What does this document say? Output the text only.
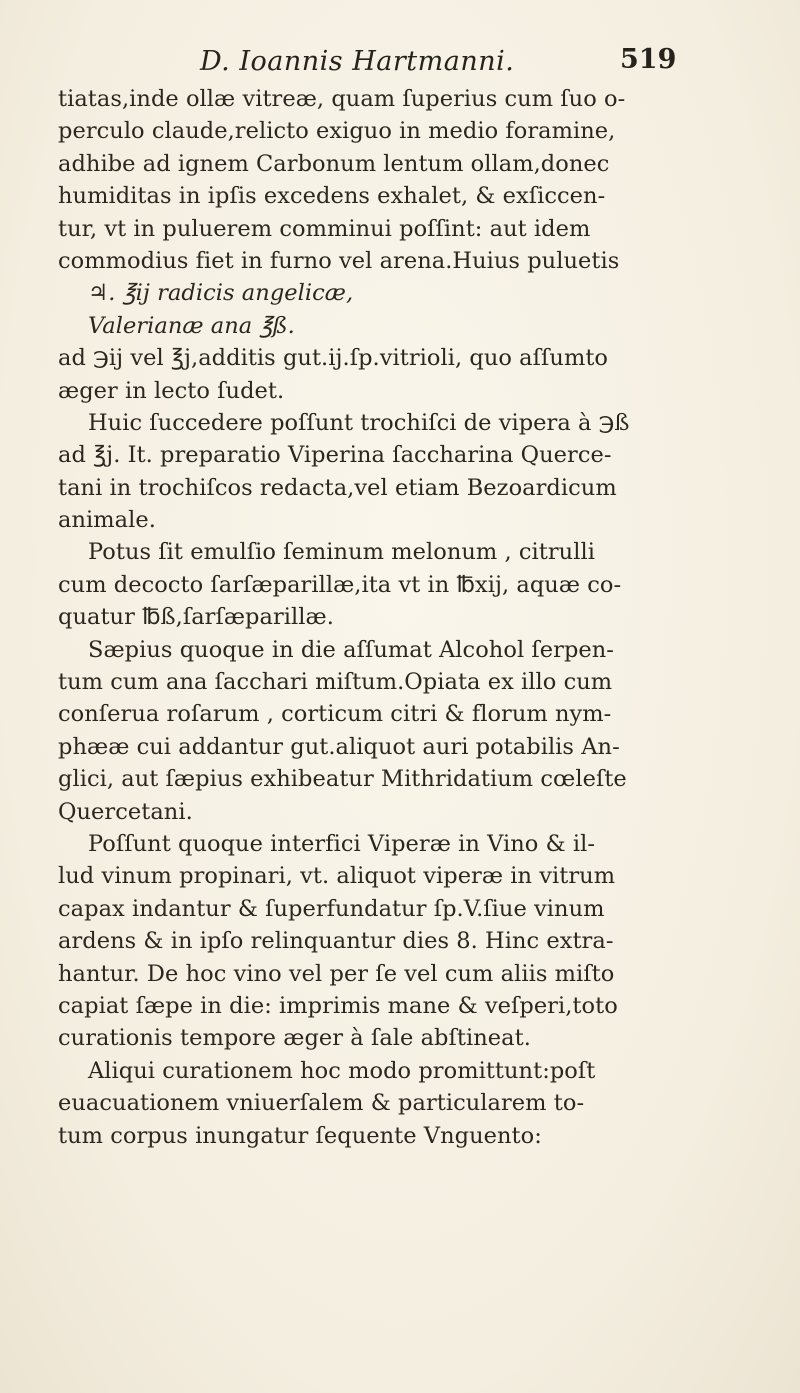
D. Ioannis Hartmanni.	519
tiatas,inde ollæ vitreæ, quam ſuperius cum ſuo o-
perculo claude,relicto exiguo in medio foramine,
adhibe ad ignem Carbonum lentum ollam,donec
humiditas in ipſis excedens exhalet, & exſiccen-
tur, vt in puluerem comminui poſſint: aut idem
commodius fiet in furno vel arena.Huius puluetis
♃. ℥ij radicis angelicæ,
Valerianæ ana ℥ß.
ad ℈ij vel ℥j,additis gut.ij.ſp.vitrioli, quo aſſumto
æger in lecto ſudet.
Huic ſuccedere poſſunt trochiſci de vipera à ℈ß
ad ℥j. It. preparatio Viperina ſaccharina Querce-
tani in trochiſcos redacta,vel etiam Bezoardicum
animale.
Potus ſit emulſio ſeminum melonum , citrulli
cum decocto ſarſæparillæ,ita vt in ℔xij, aquæ co-
quatur ℔ß,ſarſæparillæ.
Sæpius quoque in die aſſumat Alcohol ſerpen-
tum cum ana ſacchari miſtum.Opiata ex illo cum
conſerua roſarum , corticum citri & florum nym-
phææ cui addantur gut.aliquot auri potabilis An-
glici, aut ſæpius exhibeatur Mithridatium cœleſte
Quercetani.
Poſſunt quoque interfici Viperæ in Vino & il-
lud vinum propinari, vt. aliquot viperæ in vitrum
capax indantur & ſuperfundatur ſp.V.ſiue vinum
ardens & in ipſo relinquantur dies 8. Hinc extra-
hantur. De hoc vino vel per ſe vel cum aliis miſto
capiat ſæpe in die: imprimis mane & veſperi,toto
curationis tempore æger à ſale abſtineat.
Aliqui curationem hoc modo promittunt:poſt
euacuationem vniuerſalem & particularem to-
tum corpus inungatur ſequente Vnguento:
